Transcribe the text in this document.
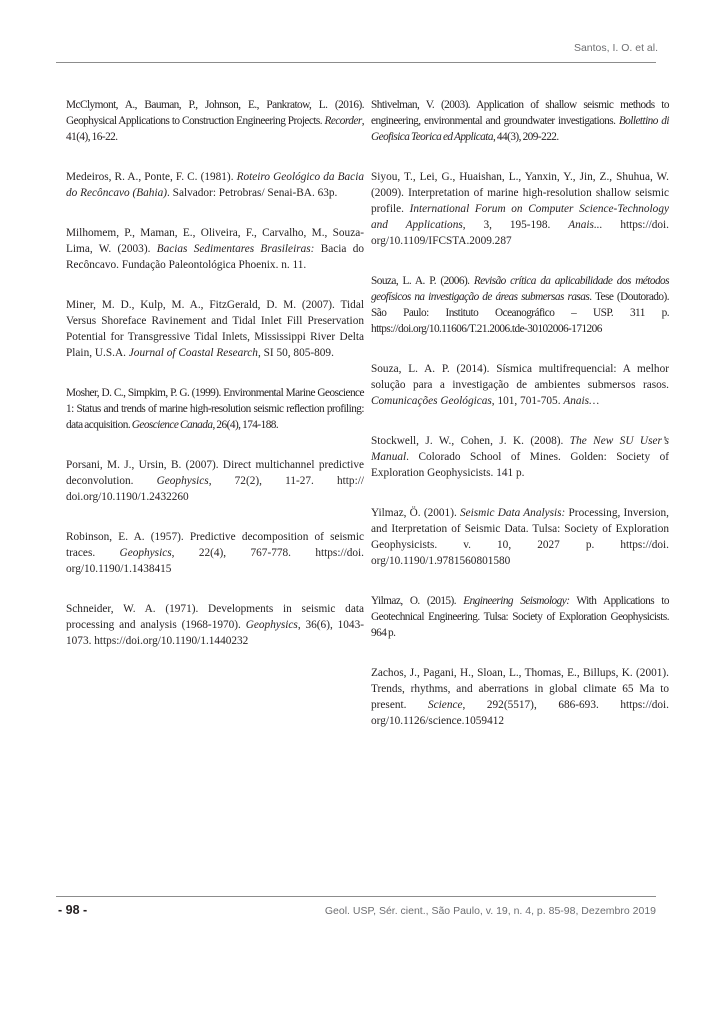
Santos, I. O. et al.

McClymont, A., Bauman, P., Johnson, E., Pankratow, L. (2016). Geophysical Applications to Construction Engineering Projects. Recorder, 41(4), 16-22.

Medeiros, R. A., Ponte, F. C. (1981). Roteiro Geológico da Bacia do Recôncavo (Bahia). Salvador: Petrobras/ Senai-BA. 63p.

Milhomem, P., Maman, E., Oliveira, F., Carvalho, M., Souza-Lima, W. (2003). Bacias Sedimentares Brasileiras: Bacia do Recôncavo. Fundação Paleontológica Phoenix. n. 11.

Miner, M. D., Kulp, M. A., FitzGerald, D. M. (2007). Tidal Versus Shoreface Ravinement and Tidal Inlet Fill Preservation Potential for Transgressive Tidal Inlets, Mississippi River Delta Plain, U.S.A. Journal of Coastal Research, SI 50, 805-809.

Mosher, D. C., Simpkim, P. G. (1999). Environmental Marine Geoscience 1: Status and trends of marine high-resolution seismic reflection profiling: data acquisition. Geoscience Canada, 26(4), 174-188.

Porsani, M. J., Ursin, B. (2007). Direct multichannel predictive deconvolution. Geophysics, 72(2), 11-27. http:// doi.org/10.1190/1.2432260

Robinson, E. A. (1957). Predictive decomposition of seismic traces. Geophysics, 22(4), 767-778. https://doi. org/10.1190/1.1438415

Schneider, W. A. (1971). Developments in seismic data processing and analysis (1968-1970). Geophysics, 36(6), 1043-1073. https://doi.org/10.1190/1.1440232

Shtivelman, V. (2003). Application of shallow seismic methods to engineering, environmental and groundwater investigations. Bollettino di Geofisica Teorica ed Applicata, 44(3), 209-222.

Siyou, T., Lei, G., Huaishan, L., Yanxin, Y., Jin, Z., Shuhua, W. (2009). Interpretation of marine high-resolution shallow seismic profile. International Forum on Computer Science-Technology and Applications, 3, 195-198. Anais... https://doi. org/10.1109/IFCSTA.2009.287

Souza, L. A. P. (2006). Revisão crítica da aplicabilidade dos métodos geofísicos na investigação de áreas submersas rasas. Tese (Doutorado). São Paulo: Instituto Oceanográfico – USP. 311 p. https://doi.org/10.11606/T.21.2006.tde-30102006-171206

Souza, L. A. P. (2014). Sísmica multifrequencial: A melhor solução para a investigação de ambientes submersos rasos. Comunicações Geológicas, 101, 701-705. Anais…

Stockwell, J. W., Cohen, J. K. (2008). The New SU User’s Manual. Colorado School of Mines. Golden: Society of Exploration Geophysicists. 141 p.

Yilmaz, Ö. (2001). Seismic Data Analysis: Processing, Inversion, and Iterpretation of Seismic Data. Tulsa: Society of Exploration Geophysicists. v. 10, 2027 p. https://doi. org/10.1190/1.9781560801580

Yilmaz, O. (2015). Engineering Seismology: With Applications to Geotechnical Engineering. Tulsa: Society of Exploration Geophysicists. 964 p.

Zachos, J., Pagani, H., Sloan, L., Thomas, E., Billups, K. (2001). Trends, rhythms, and aberrations in global climate 65 Ma to present. Science, 292(5517), 686-693. https://doi. org/10.1126/science.1059412

- 98 -	Geol. USP, Sér. cient., São Paulo, v. 19, n. 4, p. 85-98, Dezembro 2019
